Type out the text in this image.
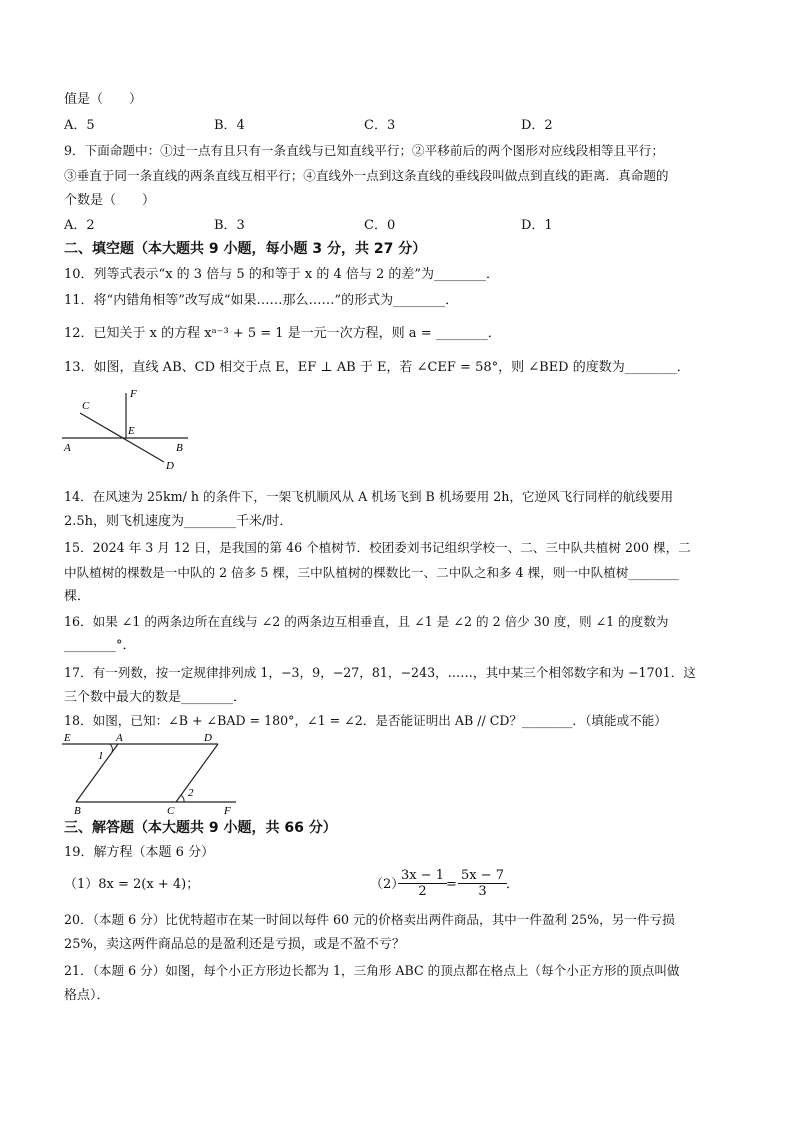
值是（　　）
A．5	B．4	C．3	D．2
9．下面命题中：①过一点有且只有一条直线与已知直线平行；②平移前后的两个图形对应线段相等且平行；
③垂直于同一条直线的两条直线互相平行；④直线外一点到这条直线的垂线段叫做点到直线的距离．真命题的
个数是（　　）
A．2	B．3	C．0	D．1
二、填空题（本大题共 9 小题，每小题 3 分，共 27 分）
10．列等式表示“x 的 3 倍与 5 的和等于 x 的 4 倍与 2 的差”为________．
11．将“内错角相等”改写成“如果……那么……”的形式为________．
12．已知关于 x 的方程 xᵃ⁻³ + 5 = 1 是一元一次方程，则 a = ________．
13．如图，直线 AB、CD 相交于点 E，EF ⊥ AB 于 E，若 ∠CEF = 58°，则 ∠BED 的度数为________．
F
C
E
A	B
D
14．在风速为 25km/ h 的条件下，一架飞机顺风从 A 机场飞到 B 机场要用 2h，它逆风飞行同样的航线要用
2.5h，则飞机速度为________千米/时．
15．2024 年 3 月 12 日，是我国的第 46 个植树节．校团委刘书记组织学校一、二、三中队共植树 200 棵，二
中队植树的棵数是一中队的 2 倍多 5 棵，三中队植树的棵数比一、二中队之和多 4 棵，则一中队植树________
棵．
16．如果 ∠1 的两条边所在直线与 ∠2 的两条边互相垂直，且 ∠1 是 ∠2 的 2 倍少 30 度，则 ∠1 的度数为
________°．
17．有一列数，按一定规律排列成 1，−3，9，−27，81，−243，……，其中某三个相邻数字和为 −1701．这
三个数中最大的数是________．
18．如图，已知：∠B + ∠BAD = 180°，∠1 = ∠2．是否能证明出 AB // CD？________．（填能或不能）
E	A	D
1
2
B	C	F
三、解答题（本大题共 9 小题，共 66 分）
19．解方程（本题 6 分）
（1）8x = 2(x + 4)；	（2）
$\frac{3x - 1}{2}$
= $\frac{5x - 7}{3}$
．
20．（本题 6 分）比优特超市在某一时间以每件 60 元的价格卖出两件商品，其中一件盈利 25%，另一件亏损
25%，卖这两件商品总的是盈利还是亏损，或是不盈不亏？
21．（本题 6 分）如图，每个小正方形边长都为 1，三角形 ABC 的顶点都在格点上（每个小正方形的顶点叫做
格点）．
